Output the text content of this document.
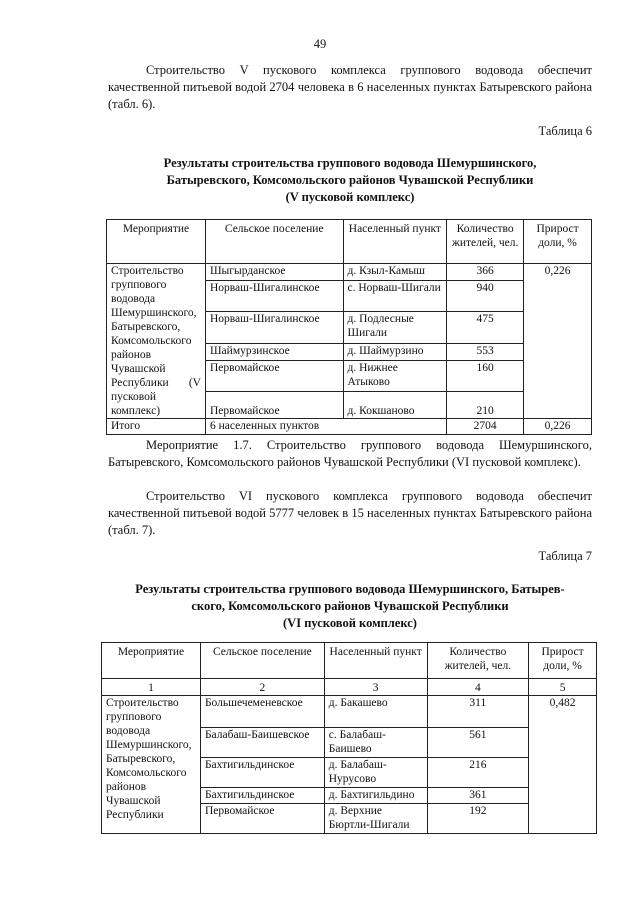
49
Строительство V пускового комплекса группового водовода обеспечит качественной питьевой водой 2704 человека в 6 населенных пунктах Батыревского района (табл. 6).
Таблица 6
Результаты строительства группового водовода Шемуршинского,
Батыревского, Комсомольского районов Чувашской Республики
(V пусковой комплекс)
Мероприятие	Сельское поселение	Населенный пункт	Количество жителей, чел.	Прирост доли, %
Строительство группового водовода Шемуршинского, Батыревского, Комсомольского районов Чувашской Республики (V пусковой комплекс)	Шыгырданское	д. Кзыл-Камыш	366	0,226
	Норваш-Шигалинское	с. Норваш-Шигали	940	
	Норваш-Шигалинское	д. Подлесные Шигали	475	
	Шаймурзинское	д. Шаймурзино	553	
	Первомайское	д. Нижнее Атыково	160	
	Первомайское	д. Кокшаново	210	
Итого	6 населенных пунктов		2704	0,226
Мероприятие 1.7. Строительство группового водовода Шемуршинского, Батыревского, Комсомольского районов Чувашской Республики (VI пусковой комплекс).
Строительство VI пускового комплекса группового водовода обеспечит качественной питьевой водой 5777 человек в 15 населенных пунктах Батыревского района (табл. 7).
Таблица 7
Результаты строительства группового водовода Шемуршинского, Батырев-
ского, Комсомольского районов Чувашской Республики
(VI пусковой комплекс)
Мероприятие	Сельское поселение	Населенный пункт	Количество жителей, чел.	Прирост доли, %
1	2	3	4	5
Строительство группового водовода Шемуршинского, Батыревского, Комсомольского районов Чувашской Республики	Большечеменевское	д. Бакашево	311	0,482
	Балабаш-Баишевское	с. Балабаш-Баишево	561	
	Бахтигильдинское	д. Балабаш-Нурусово	216	
	Бахтигильдинское	д. Бахтигильдино	361	
	Первомайское	д. Верхние Бюртли-Шигали	192	
